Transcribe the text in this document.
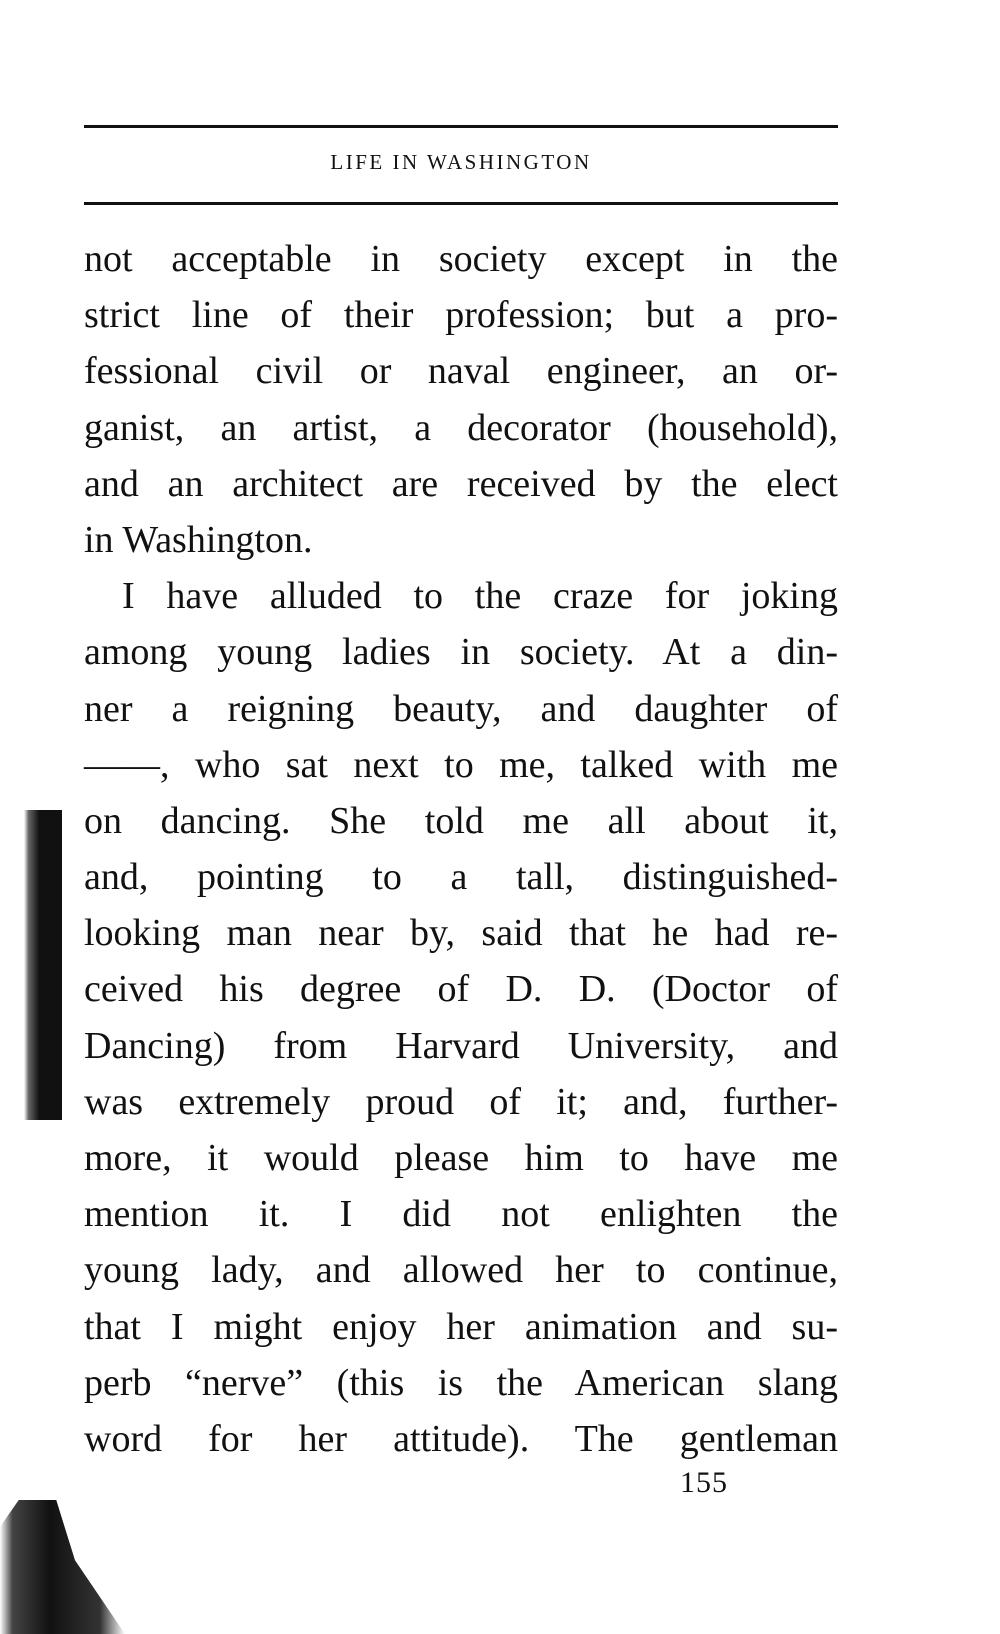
LIFE IN WASHINGTON
not acceptable in society except in the
strict line of their profession; but a pro-
fessional civil or naval engineer, an or-
ganist, an artist, a decorator (household),
and an architect are received by the elect
in Washington.
I have alluded to the craze for joking
among young ladies in society. At a din-
ner a reigning beauty, and daughter of
——, who sat next to me, talked with me
on dancing. She told me all about it,
and, pointing to a tall, distinguished-
looking man near by, said that he had re-
ceived his degree of D. D. (Doctor of
Dancing) from Harvard University, and
was extremely proud of it; and, further-
more, it would please him to have me
mention it. I did not enlighten the
young lady, and allowed her to continue,
that I might enjoy her animation and su-
perb “nerve” (this is the American slang
word for her attitude). The gentleman
155
